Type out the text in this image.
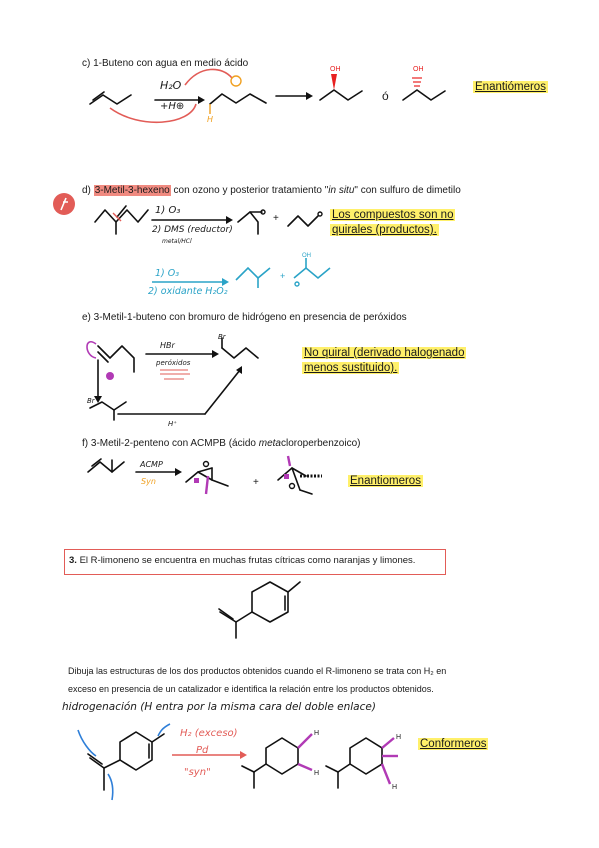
c) 1-Buteno con agua en medio ácido
H₂O
+H⊕
H
OH	OH
ó
Enantiómeros
d) 3-Metil-3-hexeno con ozono y posterior tratamiento "in situ" con sulfuro de dimetilo
1) O₃
2) DMS (reductor)
metal/HCl
+
1) O₃
2) oxidante H₂O₂
+
OH
Los compuestos son no
quirales (productos).
e) 3-Metil-1-buteno con bromuro de hidrógeno en presencia de peróxidos
HBr
peróxidos
Br
Br
H⁺
No quiral (derivado halogenado
menos sustituido).
f) 3-Metil-2-penteno con ACMPB (ácido metacloroperbenzoico)
ACMP
Syn	+	Enantiomeros
3. El R-limoneno se encuentra en muchas frutas cítricas como naranjas y limones.
Dibuja las estructuras de los dos productos obtenidos cuando el R-limoneno se trata con H₂ en
exceso en presencia de un catalizador e identifica la relación entre los productos obtenidos.
hidrogenación (H entra por la misma cara del doble enlace)
H₂ (exceso)
Pd
"syn"
H
H
H
H
Conformeros
